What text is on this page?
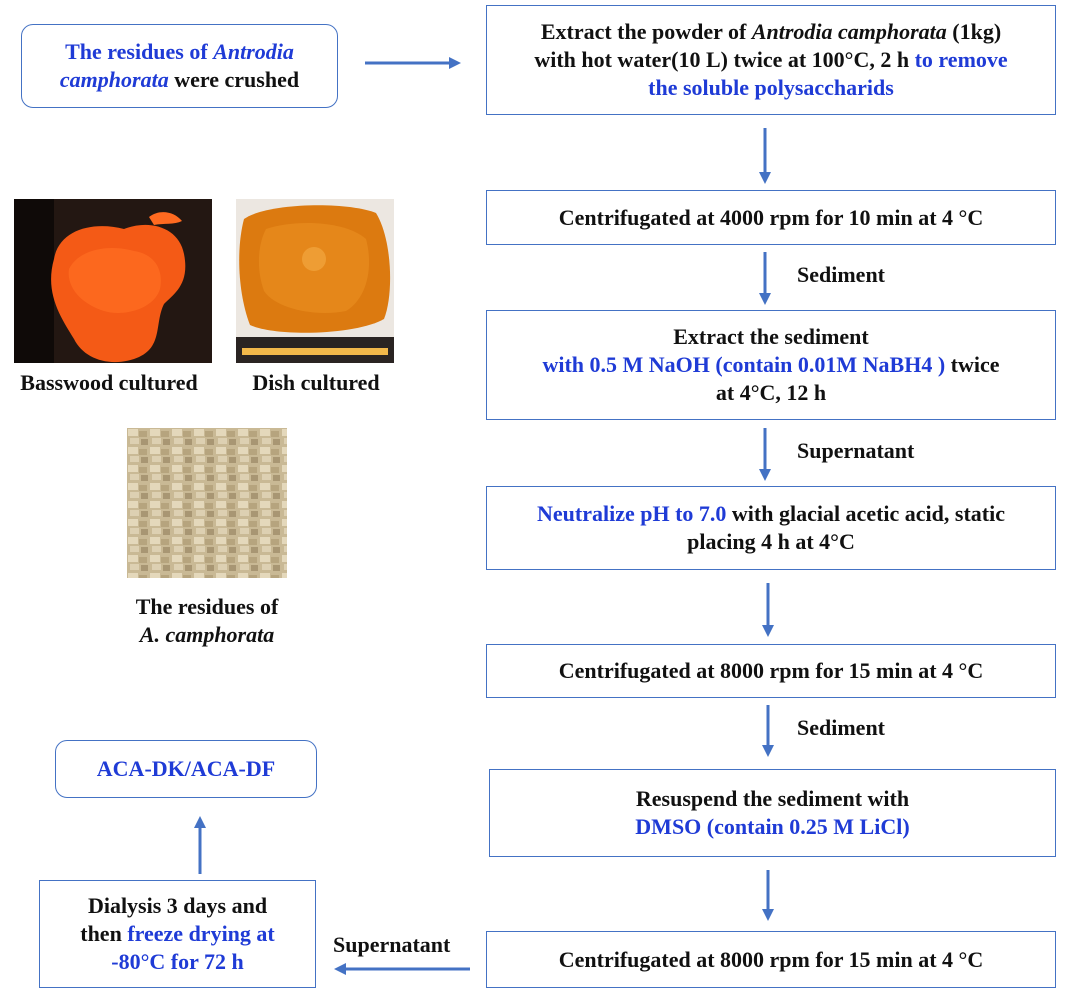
The residues of Antrodia
camphorata were crushed
Extract the powder of Antrodia camphorata (1kg)
with hot water(10 L) twice at 100°C, 2 h to remove
the soluble polysaccharids
Centrifugated at 4000 rpm for 10 min at 4 °C
Sediment
Extract the sediment
with 0.5 M NaOH (contain 0.01M NaBH4 ) twice
at 4°C, 12 h
Supernatant
Neutralize pH to 7.0 with glacial acetic acid, static
placing 4 h at 4°C
Centrifugated at 8000 rpm for 15 min at 4 °C
Sediment
Resuspend the sediment with
DMSO (contain 0.25 M LiCl)
Centrifugated at 8000 rpm for 15 min at 4 °C
Supernatant
Dialysis 3 days and
then freeze drying at
-80°C for 72 h
ACA-DK/ACA-DF
Basswood cultured	Dish cultured
The residues of
A. camphorata
